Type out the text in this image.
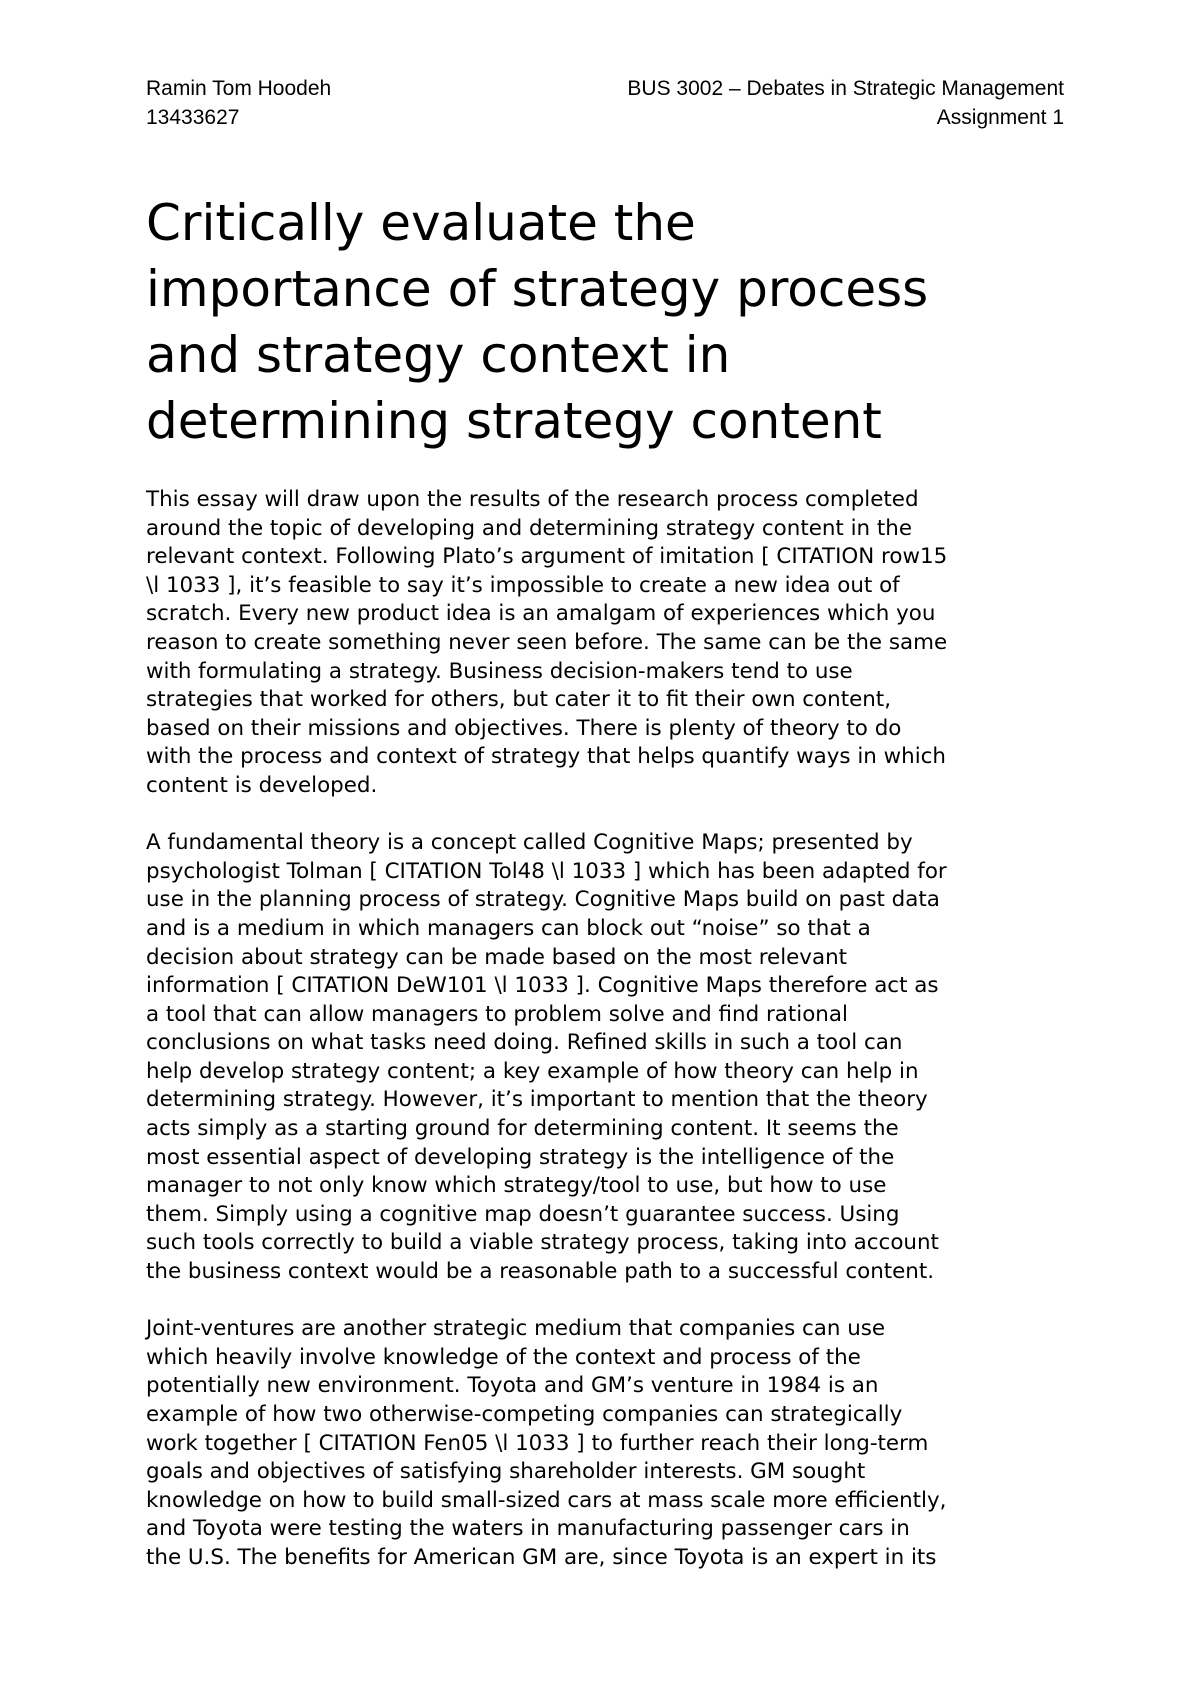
Ramin Tom Hoodeh
13433627
BUS 3002 – Debates in Strategic Management
Assignment 1
Critically evaluate the
importance of strategy process
and strategy context in
determining strategy content

This essay will draw upon the results of the research process completed
around the topic of developing and determining strategy content in the
relevant context. Following Plato’s argument of imitation [ CITATION row15
\l 1033 ], it’s feasible to say it’s impossible to create a new idea out of
scratch. Every new product idea is an amalgam of experiences which you
reason to create something never seen before. The same can be the same
with formulating a strategy. Business decision-makers tend to use
strategies that worked for others, but cater it to fit their own content,
based on their missions and objectives. There is plenty of theory to do
with the process and context of strategy that helps quantify ways in which
content is developed.

A fundamental theory is a concept called Cognitive Maps; presented by
psychologist Tolman [ CITATION Tol48 \l 1033 ] which has been adapted for
use in the planning process of strategy. Cognitive Maps build on past data
and is a medium in which managers can block out “noise” so that a
decision about strategy can be made based on the most relevant
information [ CITATION DeW101 \l 1033 ]. Cognitive Maps therefore act as
a tool that can allow managers to problem solve and find rational
conclusions on what tasks need doing. Refined skills in such a tool can
help develop strategy content; a key example of how theory can help in
determining strategy. However, it’s important to mention that the theory
acts simply as a starting ground for determining content. It seems the
most essential aspect of developing strategy is the intelligence of the
manager to not only know which strategy/tool to use, but how to use
them. Simply using a cognitive map doesn’t guarantee success. Using
such tools correctly to build a viable strategy process, taking into account
the business context would be a reasonable path to a successful content.

Joint-ventures are another strategic medium that companies can use
which heavily involve knowledge of the context and process of the
potentially new environment. Toyota and GM’s venture in 1984 is an
example of how two otherwise-competing companies can strategically
work together [ CITATION Fen05 \l 1033 ] to further reach their long-term
goals and objectives of satisfying shareholder interests. GM sought
knowledge on how to build small-sized cars at mass scale more efficiently,
and Toyota were testing the waters in manufacturing passenger cars in
the U.S. The benefits for American GM are, since Toyota is an expert in its
